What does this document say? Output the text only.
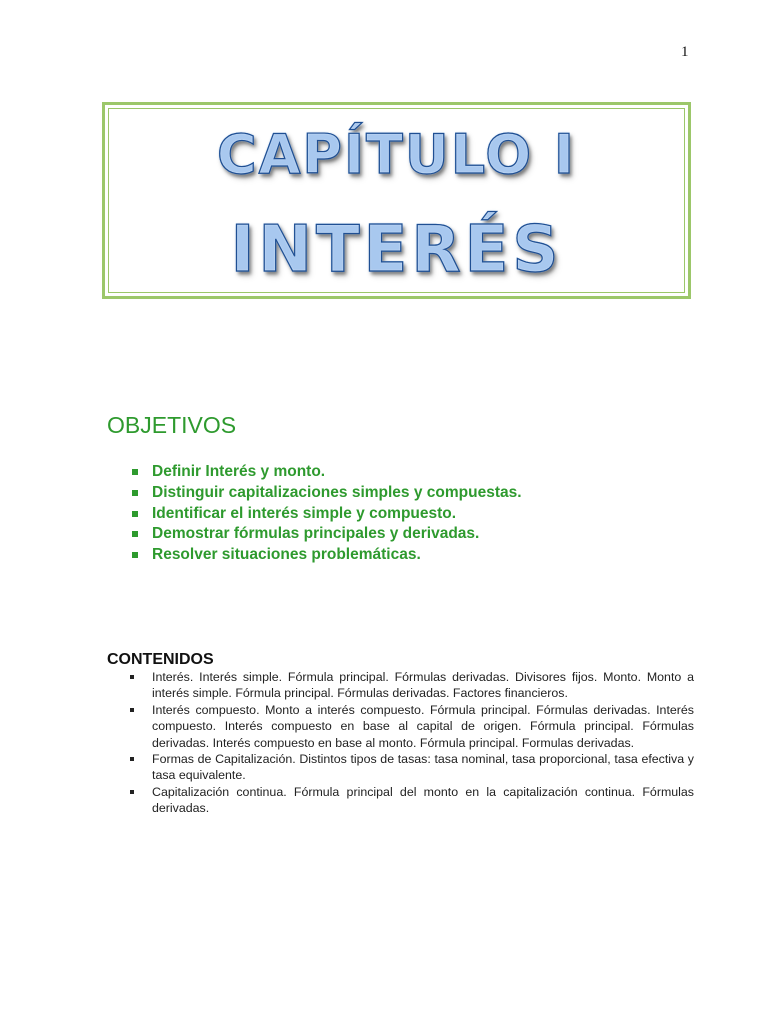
1
CAPÍTULO I
INTERÉS
OBJETIVOS
Definir Interés y monto.
Distinguir capitalizaciones simples y compuestas.
Identificar el interés simple y compuesto.
Demostrar fórmulas principales y derivadas.
Resolver situaciones problemáticas.
CONTENIDOS
Interés. Interés simple. Fórmula principal. Fórmulas derivadas. Divisores fijos. Monto. Monto a interés simple. Fórmula principal. Fórmulas derivadas. Factores financieros.
Interés compuesto. Monto a interés compuesto. Fórmula principal. Fórmulas derivadas. Interés compuesto. Interés compuesto en base al capital de origen. Fórmula principal. Fórmulas derivadas. Interés compuesto en base al monto. Fórmula principal. Formulas derivadas.
Formas de Capitalización. Distintos tipos de tasas: tasa nominal, tasa proporcional, tasa efectiva y tasa equivalente.
Capitalización continua. Fórmula principal del monto en la capitalización continua. Fórmulas derivadas.
